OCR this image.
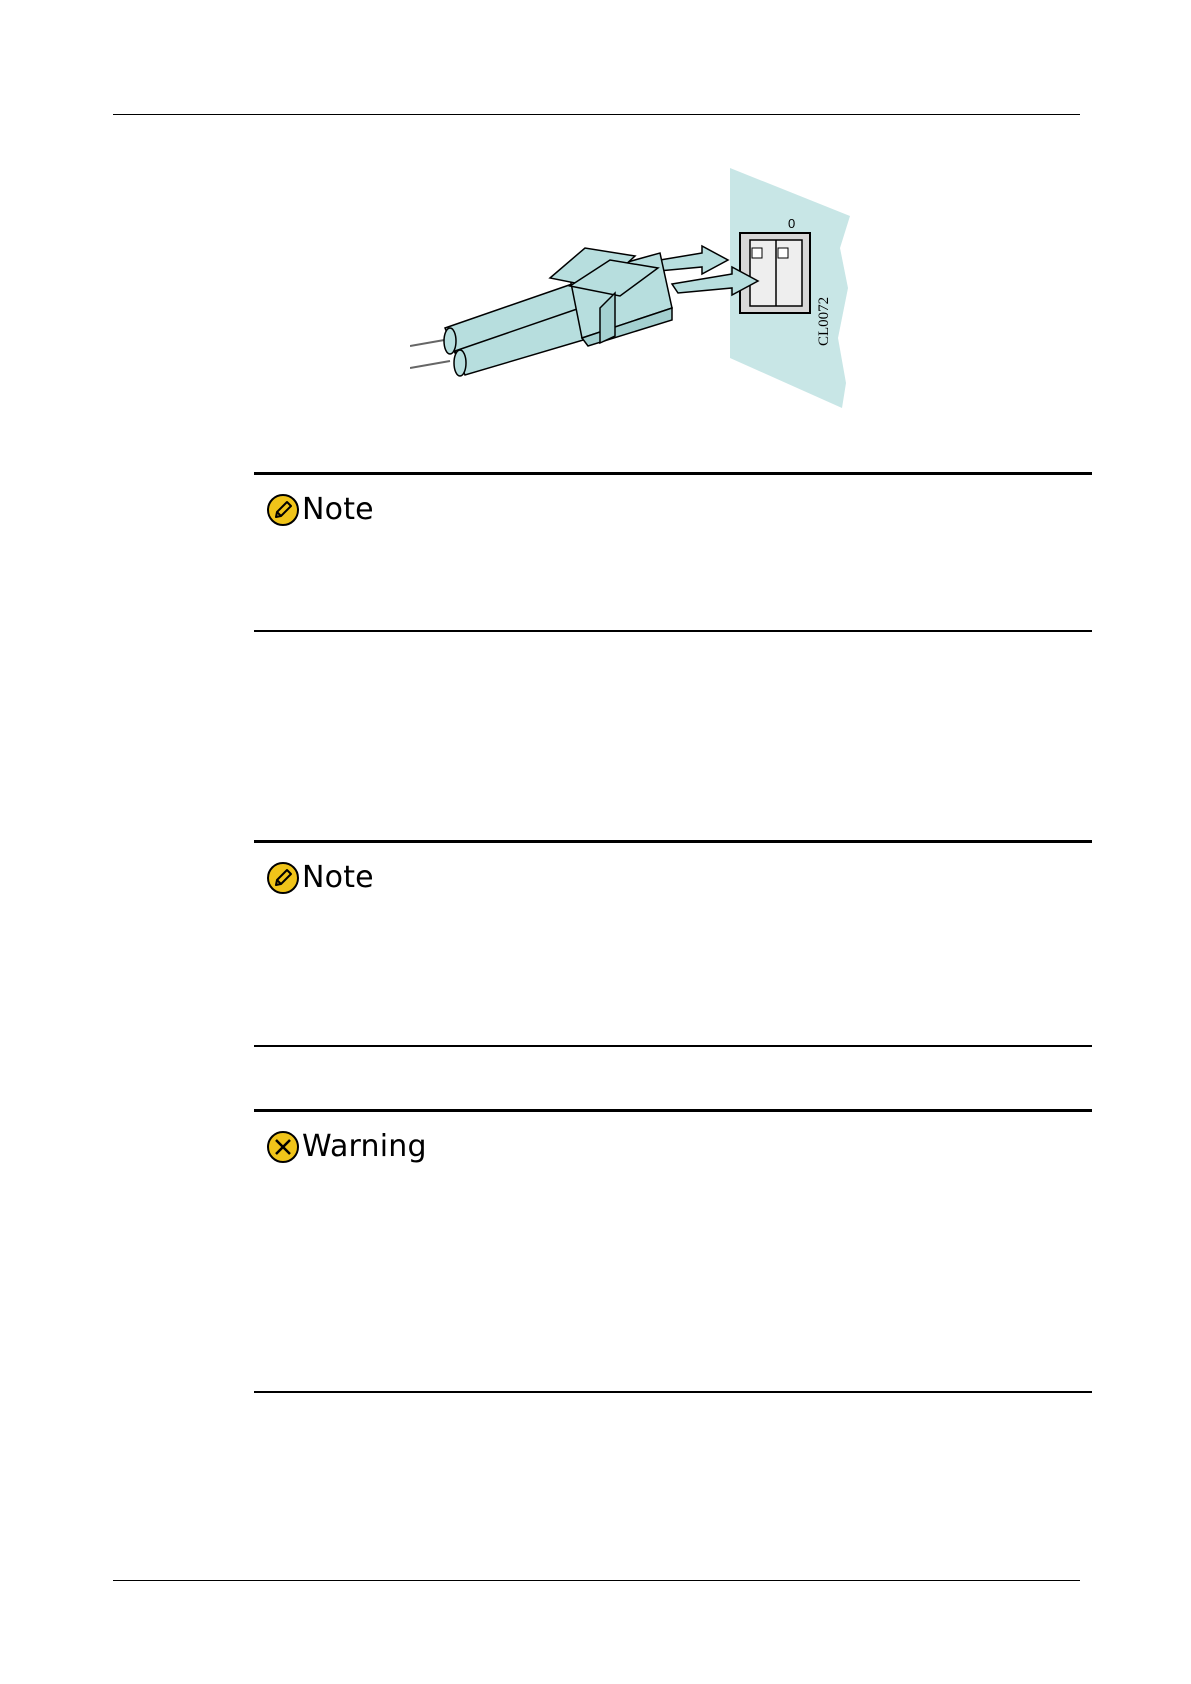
0
CL0072
Note
Note
Warning
